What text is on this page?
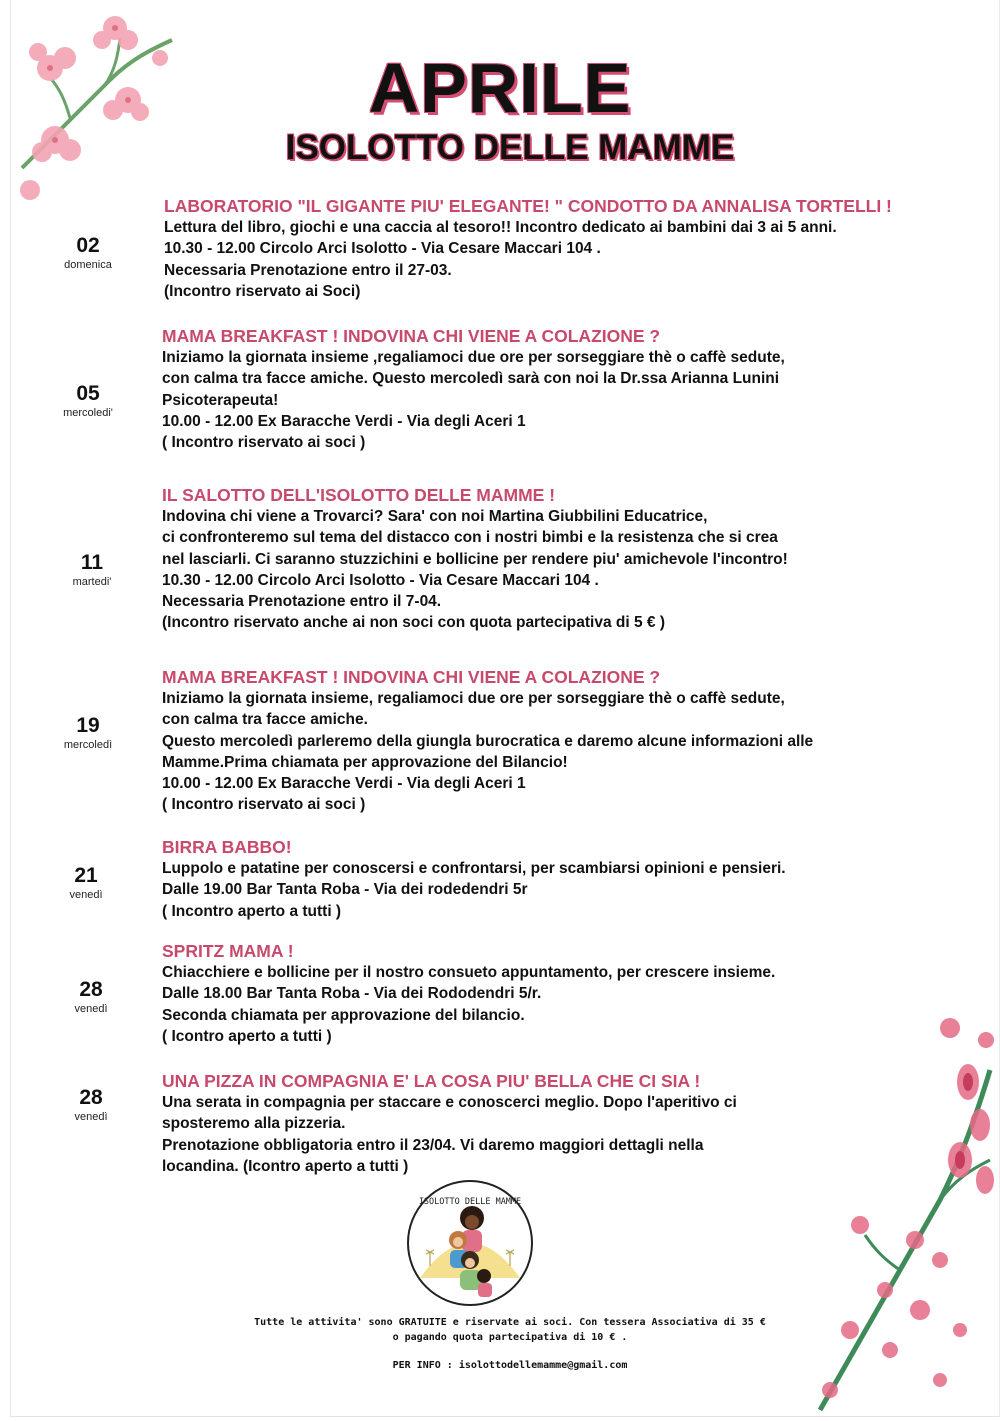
APRILE
ISOLOTTO DELLE MAMME
02
domenica
LABORATORIO "IL GIGANTE PIU' ELEGANTE! " CONDOTTO DA ANNALISA TORTELLI !
Lettura del libro, giochi e una caccia al tesoro!! Incontro dedicato ai bambini dai 3 ai 5 anni.
10.30 - 12.00 Circolo Arci Isolotto - Via Cesare Maccari 104 .
Necessaria Prenotazione entro il 27-03.
(Incontro riservato ai Soci)
05
mercoledi'
MAMA BREAKFAST ! INDOVINA CHI VIENE A COLAZIONE ?
Iniziamo la giornata insieme ,regaliamoci due ore per sorseggiare thè o caffè sedute,
con calma tra facce amiche. Questo mercoledì sarà con noi la Dr.ssa Arianna Lunini
Psicoterapeuta!
10.00 - 12.00 Ex Baracche Verdi - Via degli Aceri 1
( Incontro riservato ai soci )
11
martedi'
IL SALOTTO DELL'ISOLOTTO DELLE MAMME !
Indovina chi viene a Trovarci? Sara' con noi Martina Giubbilini Educatrice,
ci confronteremo sul tema del distacco con i nostri bimbi e la resistenza che si crea
nel lasciarli. Ci saranno stuzzichini e bollicine per rendere piu' amichevole l'incontro!
10.30 - 12.00 Circolo Arci Isolotto - Via Cesare Maccari 104 .
Necessaria Prenotazione entro il 7-04.
(Incontro riservato anche ai non soci con quota partecipativa di 5 € )
19
mercoledì
MAMA BREAKFAST ! INDOVINA CHI VIENE A COLAZIONE ?
Iniziamo la giornata insieme, regaliamoci due ore per sorseggiare thè o caffè sedute,
con calma tra facce amiche.
Questo mercoledì parleremo della giungla burocratica e daremo alcune informazioni alle
Mamme.Prima chiamata per approvazione del Bilancio!
10.00 - 12.00 Ex Baracche Verdi - Via degli Aceri 1
( Incontro riservato ai soci )
21
venedì
BIRRA BABBO!
Luppolo e patatine per conoscersi e confrontarsi, per scambiarsi opinioni e pensieri.
Dalle 19.00 Bar Tanta Roba - Via dei rodedendri 5r
( Incontro aperto a tutti )
28
venedì
SPRITZ MAMA !
Chiacchiere e bollicine per il nostro consueto appuntamento, per crescere insieme.
Dalle 18.00 Bar Tanta Roba - Via dei Rododendri 5/r.
Seconda chiamata per approvazione del bilancio.
( Icontro aperto a tutti )
28
venedì
UNA PIZZA IN COMPAGNIA E' LA COSA PIU' BELLA CHE CI SIA !
Una serata in compagnia per staccare e conoscerci meglio. Dopo l'aperitivo ci
sposteremo alla pizzeria.
Prenotazione obbligatoria entro il 23/04. Vi daremo maggiori dettagli nella
locandina. (Icontro aperto a tutti )
ISOLOTTO DELLE MAMME
Tutte le attivita' sono GRATUITE e riservate ai soci. Con tessera Associativa di 35 €
o pagando quota partecipativa di 10 € .
PER INFO : isolottodellemamme@gmail.com
